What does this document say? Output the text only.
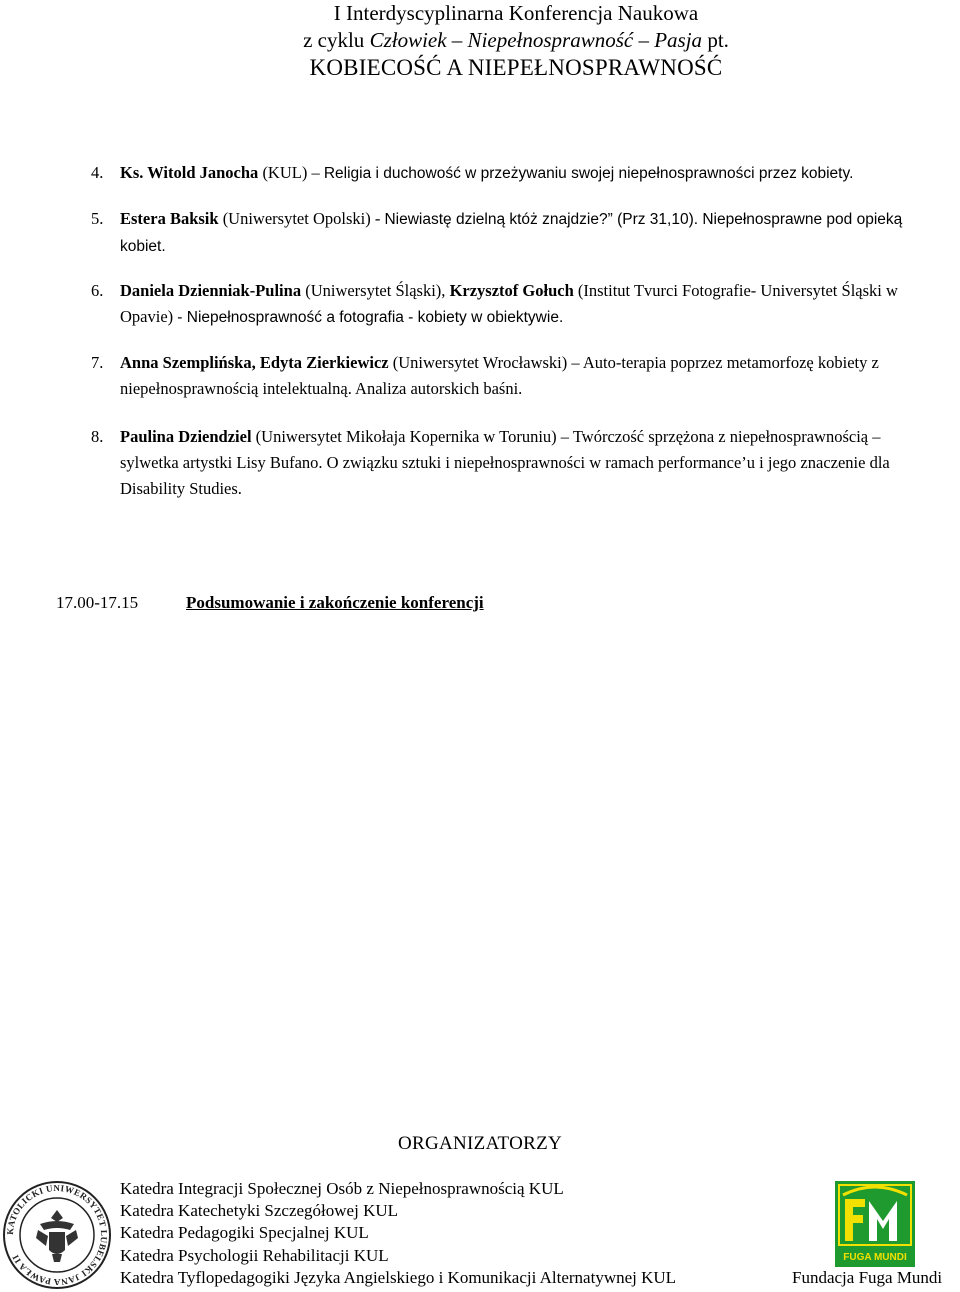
I Interdyscyplinarna Konferencja Naukowa
z cyklu Człowiek – Niepełnosprawność – Pasja pt.
KOBIECOŚĆ A NIEPEŁNOSPRAWNOŚĆ
4. Ks. Witold Janocha (KUL) – Religia i duchowość w przeżywaniu swojej niepełnosprawności przez kobiety.
5. Estera Baksik (Uniwersytet Opolski) - Niewiastę dzielną któż znajdzie?” (Prz 31,10). Niepełnosprawne pod opieką kobiet.
6. Daniela Dzienniak-Pulina (Uniwersytet Śląski), Krzysztof Gołuch (Institut Tvurci Fotografie- Universytet Śląski w Opavie) - Niepełnosprawność a fotografia - kobiety w obiektywie.
7. Anna Szemplińska, Edyta Zierkiewicz (Uniwersytet Wrocławski) – Auto-terapia poprzez metamorfozę kobiety z niepełnosprawnością intelektualną. Analiza autorskich baśni.
8. Paulina Dziendziel (Uniwersytet Mikołaja Kopernika w Toruniu) – Twórczość sprzężona z niepełnosprawnością – sylwetka artystki Lisy Bufano. O związku sztuki i niepełnosprawności w ramach performance’u i jego znaczenie dla Disability Studies.
17.00-17.15	Podsumowanie i zakończenie konferencji
ORGANIZATORZY
KATOLICKI UNIWERSYTET LUBELSKI JANA PAWŁA II
Katedra Integracji Społecznej Osób z Niepełnosprawnością KUL
Katedra Katechetyki Szczegółowej KUL
Katedra Pedagogiki Specjalnej KUL
Katedra Psychologii Rehabilitacji KUL
Katedra Tyflopedagogiki Języka Angielskiego i Komunikacji Alternatywnej KUL
FUGA MUNDI
Fundacja Fuga Mundi
